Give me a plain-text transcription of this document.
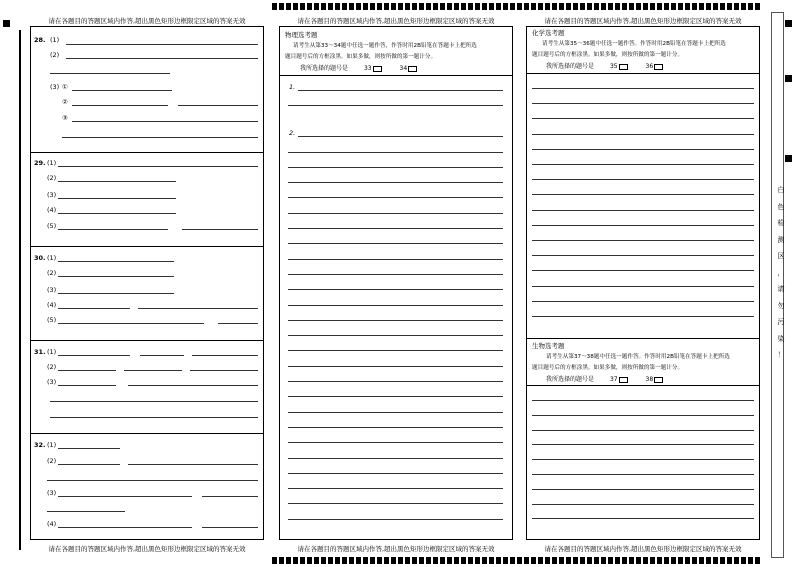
白
色
检
测
区
，
请
勿
污
染
！
请在各题目的答题区域内作答,超出黑色矩形边框限定区域的答案无效
请在各题目的答题区域内作答,超出黑色矩形边框限定区域的答案无效
28. (1)
(2)
(3) ①
②
③
29. (1)
(2)
(3)
(4)
(5)
30. (1)
(2)
(3)
(4)
(5)
31. (1)
(2)
(3)
32. (1)
(2)
(3)
(4)
请在各题目的答题区域内作答,超出黑色矩形边框限定区域的答案无效
请在各题目的答题区域内作答,超出黑色矩形边框限定区域的答案无效
物理选考题
请考生从第33～34题中任选一题作答，作答时用2B铅笔在答题卡上把所选
题目题号后的方框涂黑。如果多做，则按所做的第一题计分。
我所选择的题号是	33	34
1.
2.
请在各题目的答题区域内作答,超出黑色矩形边框限定区域的答案无效
请在各题目的答题区域内作答,超出黑色矩形边框限定区域的答案无效
化学选考题
请考生从第35～36题中任选一题作答。作答时用2B铅笔在答题卡上把所选
题目题号后的方框涂黑。如果多做，则按所做的第一题计分。
我所选择的题号是	35	36
生物选考题
请考生从第37～38题中任选一题作答。作答时用2B铅笔在答题卡上把所选
题目题号后的方框涂黑。如果多做，则按所做的第一题计分。
我所选择的题号是	37	38
